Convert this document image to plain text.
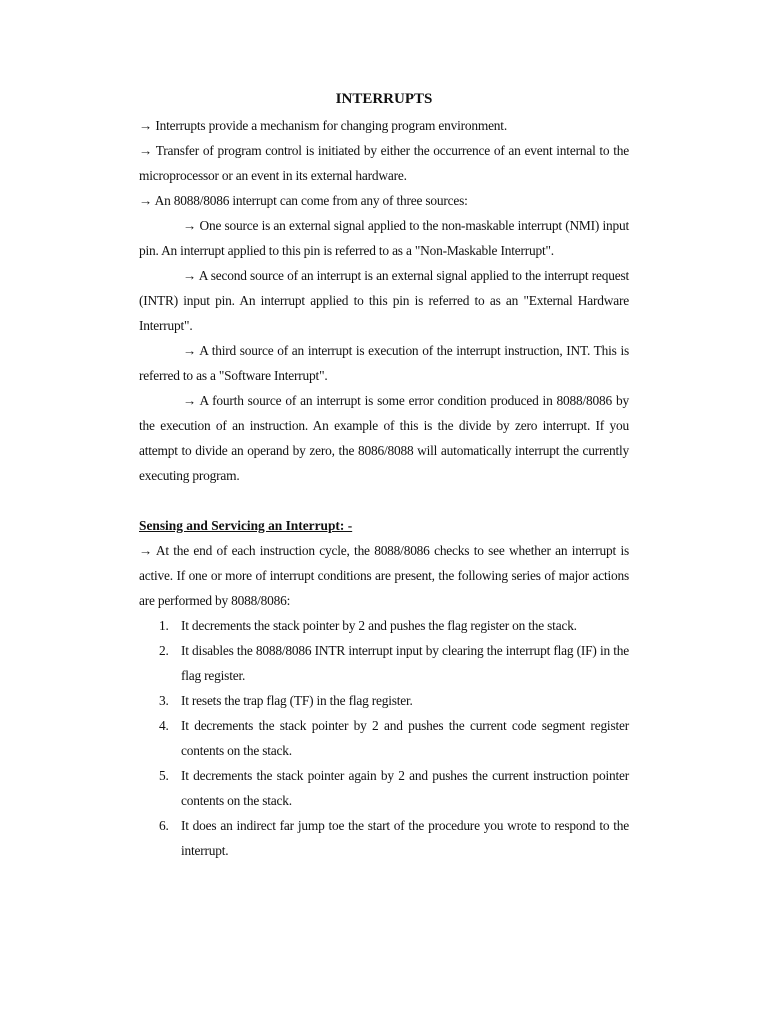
INTERRUPTS

→ Interrupts provide a mechanism for changing program environment.

→ Transfer of program control is initiated by either the occurrence of an event internal to the microprocessor or an event in its external hardware.

→ An 8088/8086 interrupt can come from any of three sources:

→ One source is an external signal applied to the non-maskable interrupt (NMI) input pin. An interrupt applied to this pin is referred to as a "Non-Maskable Interrupt".

→ A second source of an interrupt is an external signal applied to the interrupt request (INTR) input pin. An interrupt applied to this pin is referred to as an "External Hardware Interrupt".

→ A third source of an interrupt is execution of the interrupt instruction, INT. This is referred to as a "Software Interrupt".

→ A fourth source of an interrupt is some error condition produced in 8088/8086 by the execution of an instruction. An example of this is the divide by zero interrupt. If you attempt to divide an operand by zero, the 8086/8088 will automatically interrupt the currently executing program.

Sensing and Servicing an Interrupt: -

→ At the end of each instruction cycle, the 8088/8086 checks to see whether an interrupt is active. If one or more of interrupt conditions are present, the following series of major actions are performed by 8088/8086:

1. It decrements the stack pointer by 2 and pushes the flag register on the stack.
2. It disables the 8088/8086 INTR interrupt input by clearing the interrupt flag (IF) in the flag register.
3. It resets the trap flag (TF) in the flag register.
4. It decrements the stack pointer by 2 and pushes the current code segment register contents on the stack.
5. It decrements the stack pointer again by 2 and pushes the current instruction pointer contents on the stack.
6. It does an indirect far jump toe the start of the procedure you wrote to respond to the interrupt.
